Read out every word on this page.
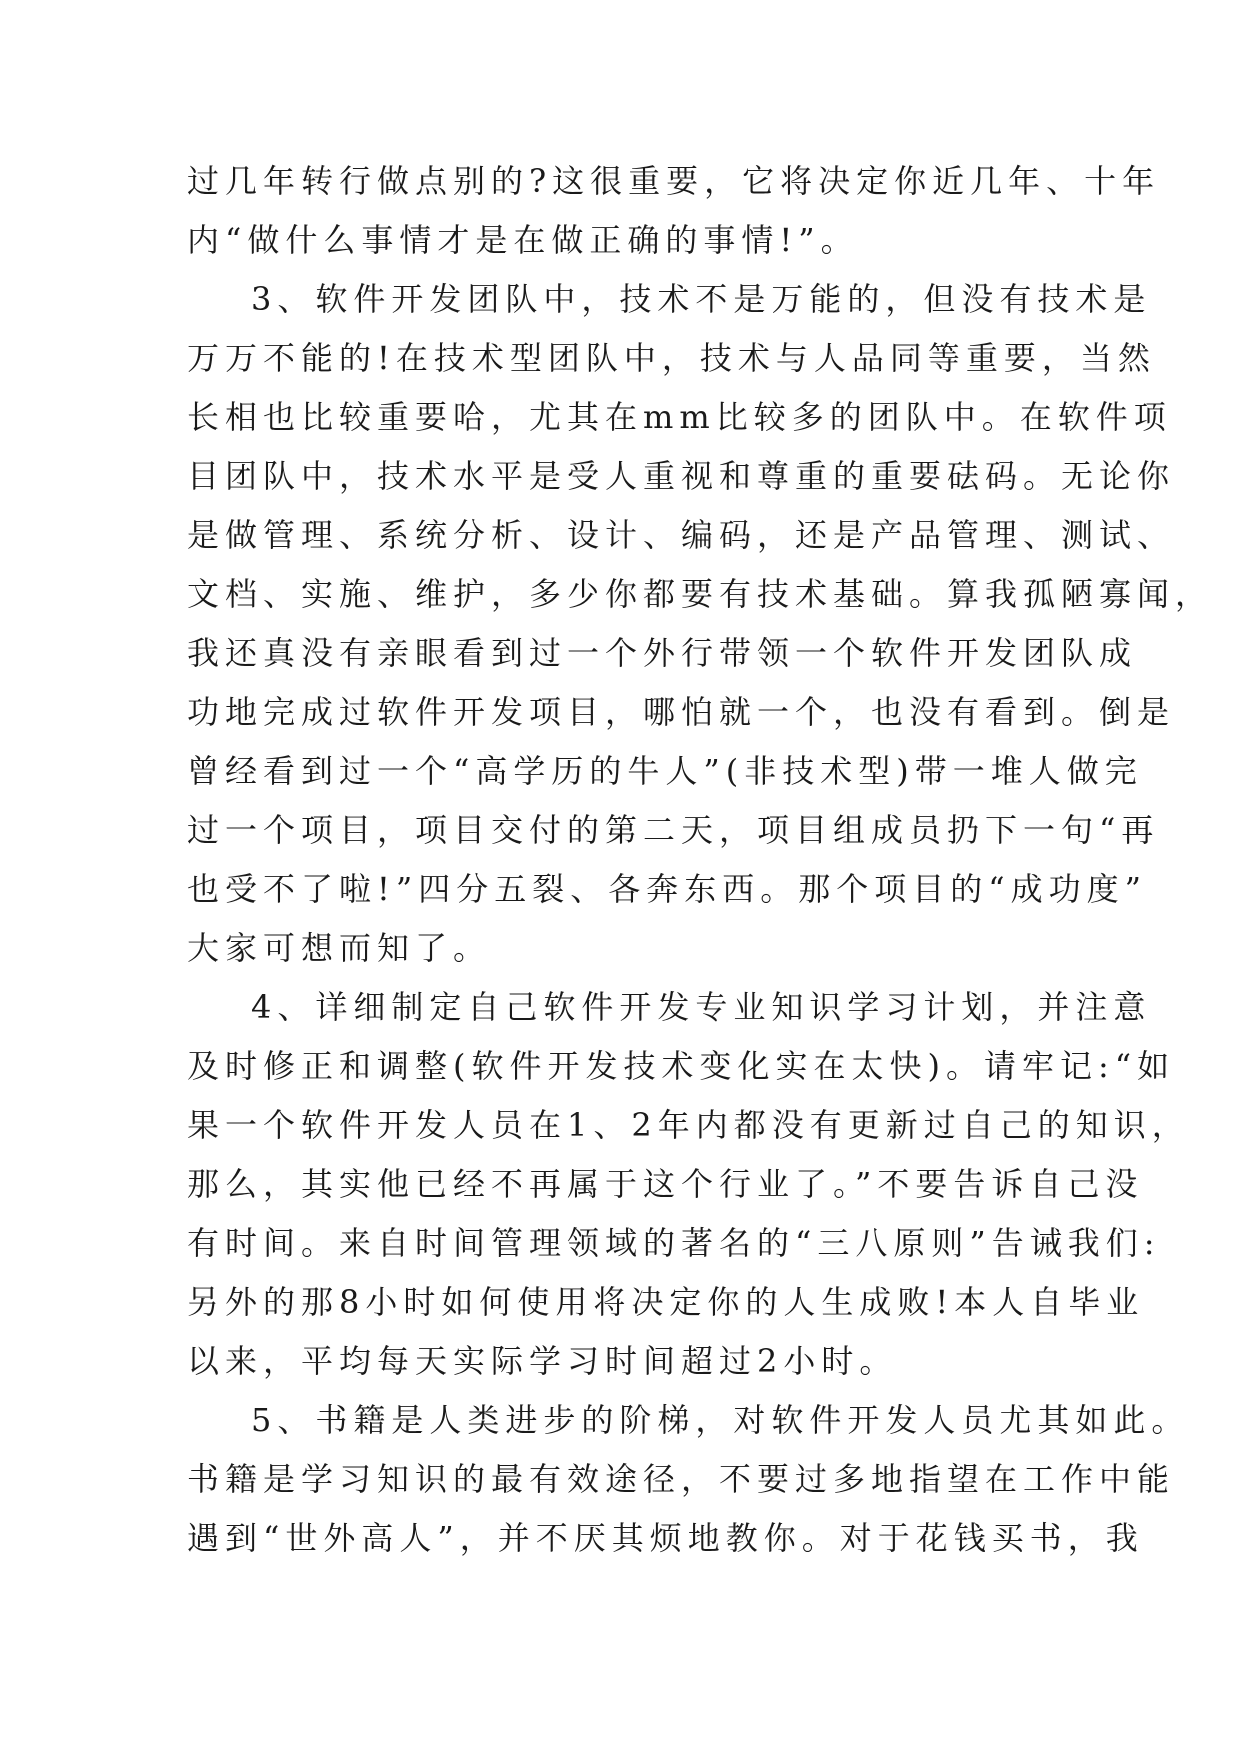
过几年转行做点别的?这很重要，它将决定你近几年、十年
内“做什么事情才是在做正确的事情!”。
3、软件开发团队中，技术不是万能的，但没有技术是
万万不能的!在技术型团队中，技术与人品同等重要，当然
长相也比较重要哈，尤其在mm比较多的团队中。在软件项
目团队中，技术水平是受人重视和尊重的重要砝码。无论你
是做管理、系统分析、设计、编码，还是产品管理、测试、
文档、实施、维护，多少你都要有技术基础。算我孤陋寡闻，
我还真没有亲眼看到过一个外行带领一个软件开发团队成
功地完成过软件开发项目，哪怕就一个，也没有看到。倒是
曾经看到过一个“高学历的牛人”(非技术型)带一堆人做完
过一个项目，项目交付的第二天，项目组成员扔下一句“再
也受不了啦!”四分五裂、各奔东西。那个项目的“成功度”
大家可想而知了。
4、详细制定自己软件开发专业知识学习计划，并注意
及时修正和调整(软件开发技术变化实在太快)。请牢记:“如
果一个软件开发人员在1、2年内都没有更新过自己的知识，
那么，其实他已经不再属于这个行业了。”不要告诉自己没
有时间。来自时间管理领域的著名的“三八原则”告诫我们:
另外的那8小时如何使用将决定你的人生成败!本人自毕业
以来，平均每天实际学习时间超过2小时。
5、书籍是人类进步的阶梯，对软件开发人员尤其如此。
书籍是学习知识的最有效途径，不要过多地指望在工作中能
遇到“世外高人”，并不厌其烦地教你。对于花钱买书，我
